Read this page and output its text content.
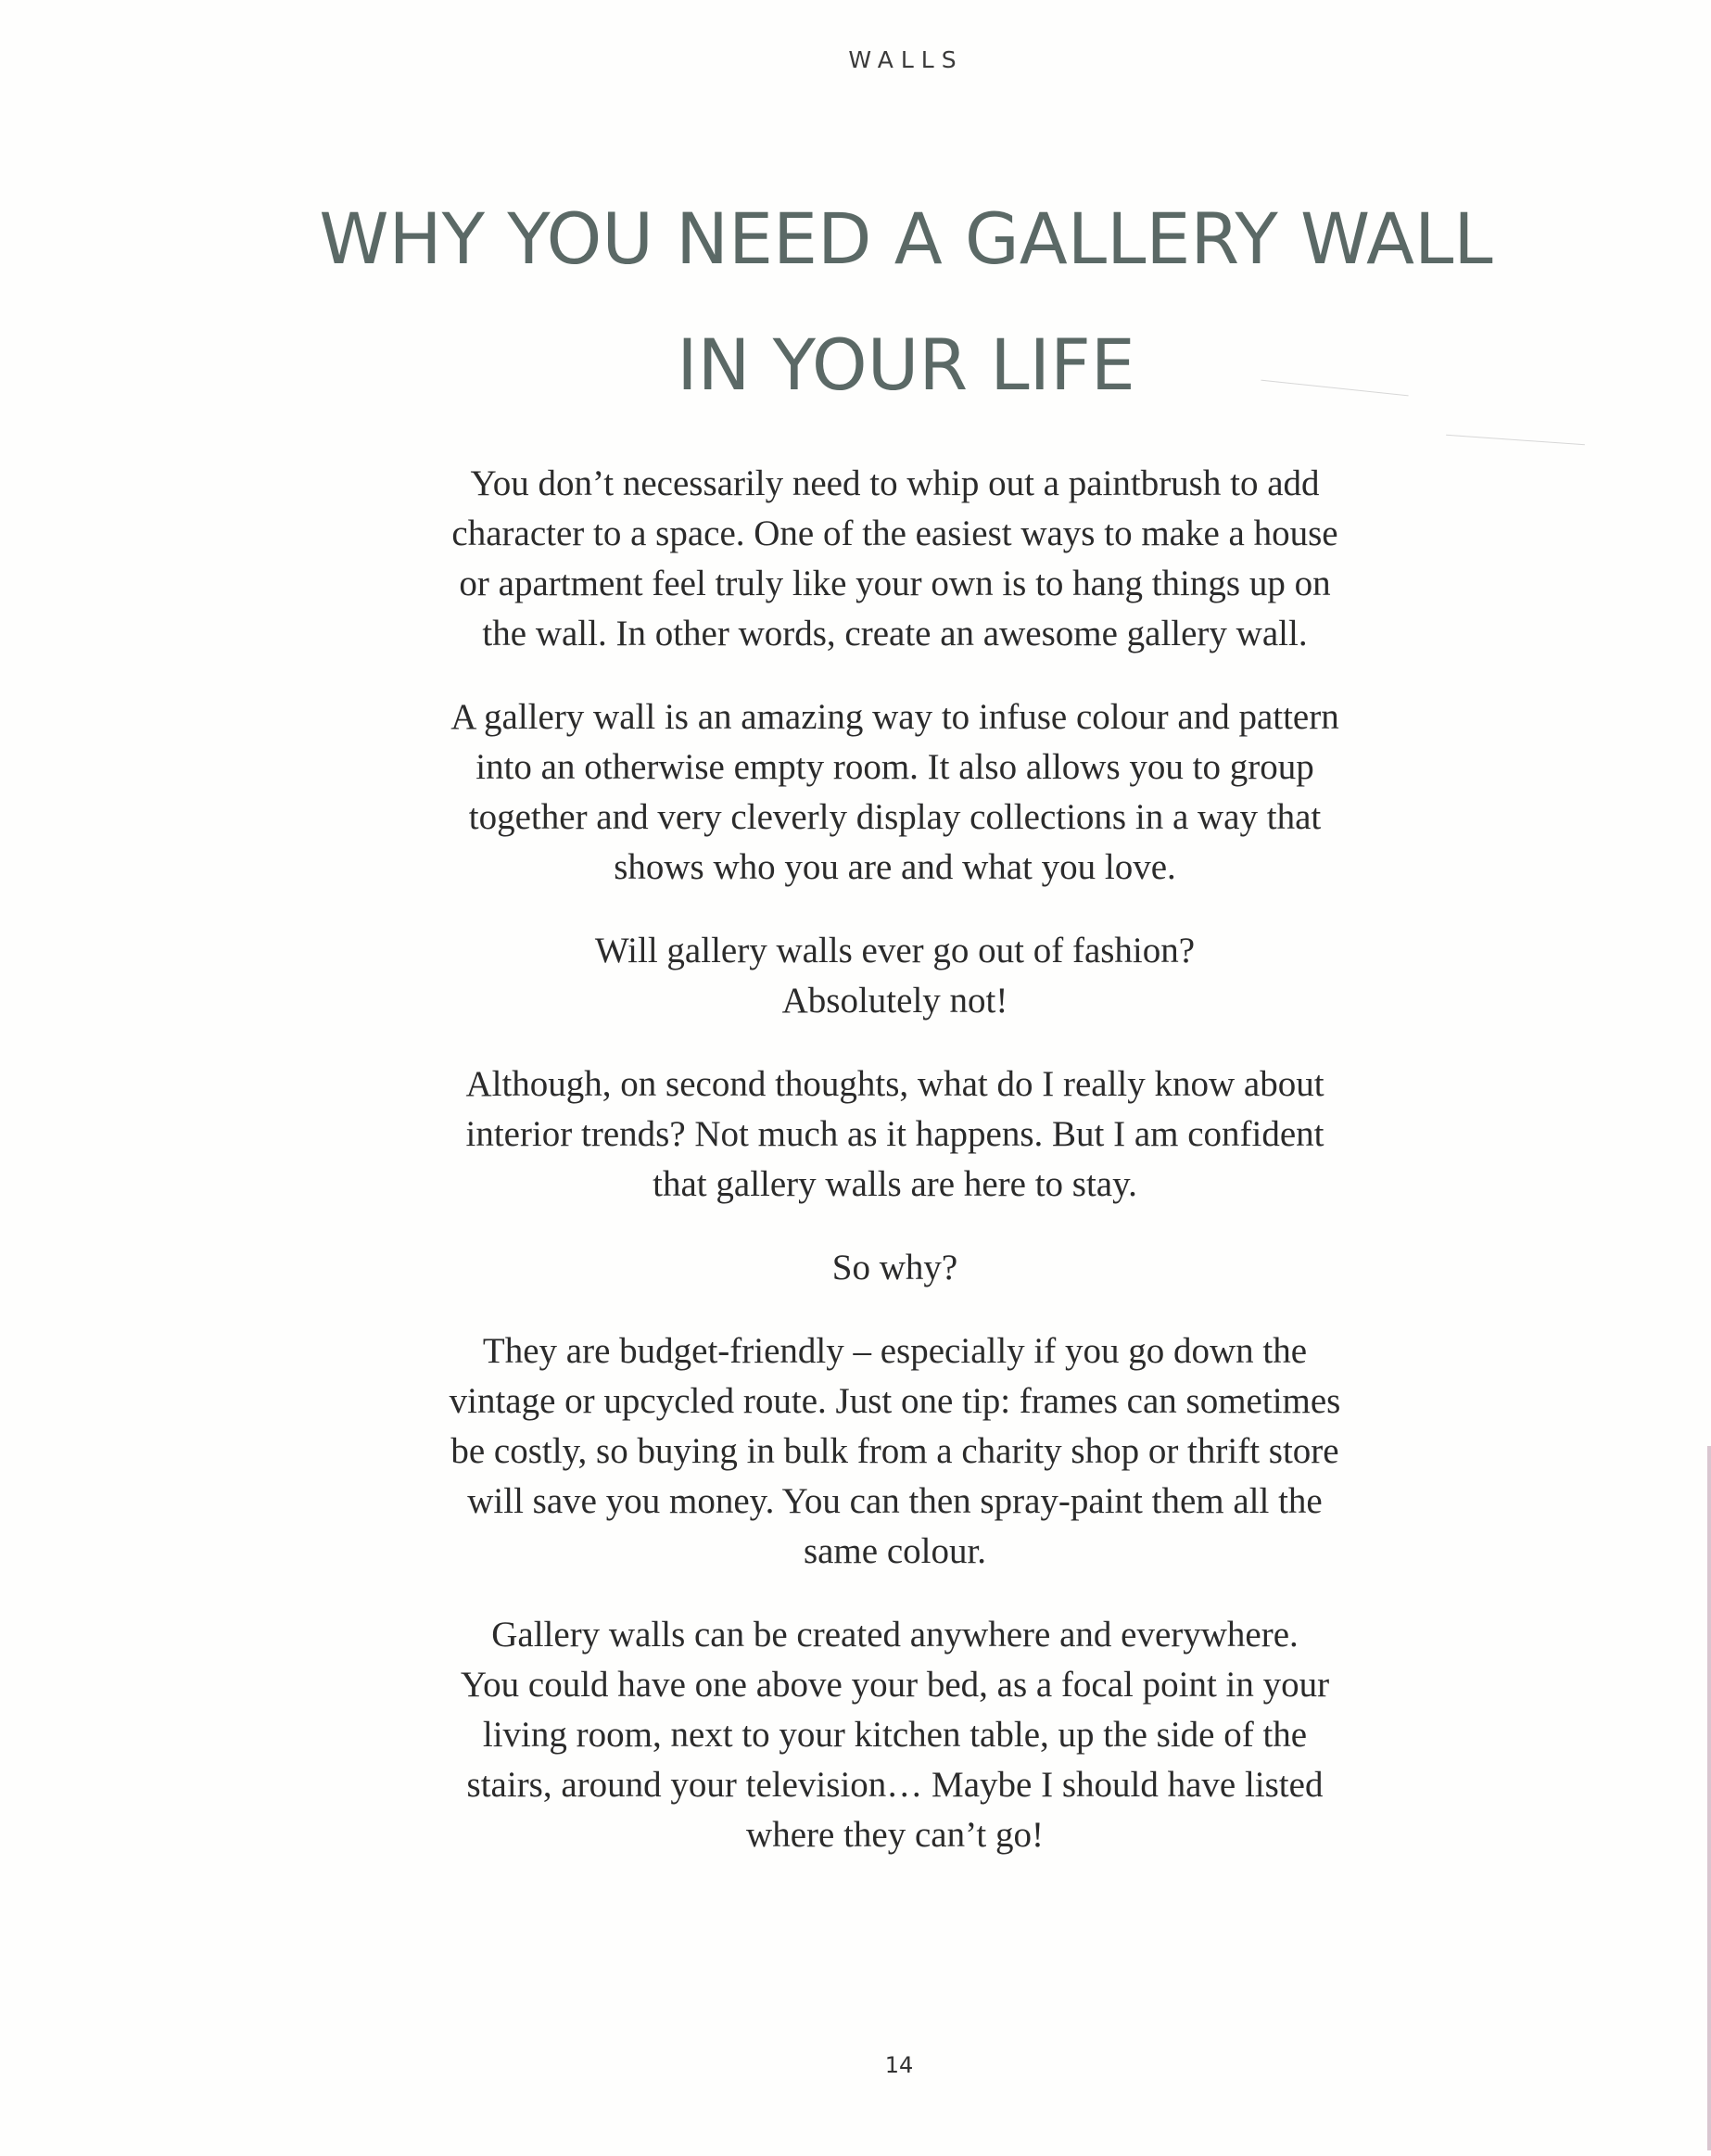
WALLS
WHY YOU NEED A GALLERY WALL
IN YOUR LIFE

You don’t necessarily need to whip out a paintbrush to add
character to a space. One of the easiest ways to make a house
or apartment feel truly like your own is to hang things up on
the wall. In other words, create an awesome gallery wall.

A gallery wall is an amazing way to infuse colour and pattern
into an otherwise empty room. It also allows you to group
together and very cleverly display collections in a way that
shows who you are and what you love.

Will gallery walls ever go out of fashion?
Absolutely not!

Although, on second thoughts, what do I really know about
interior trends? Not much as it happens. But I am confident
that gallery walls are here to stay.

So why?

They are budget-friendly – especially if you go down the
vintage or upcycled route. Just one tip: frames can sometimes
be costly, so buying in bulk from a charity shop or thrift store
will save you money. You can then spray-paint them all the
same colour.

Gallery walls can be created anywhere and everywhere.
You could have one above your bed, as a focal point in your
living room, next to your kitchen table, up the side of the
stairs, around your television… Maybe I should have listed
where they can’t go!

14
